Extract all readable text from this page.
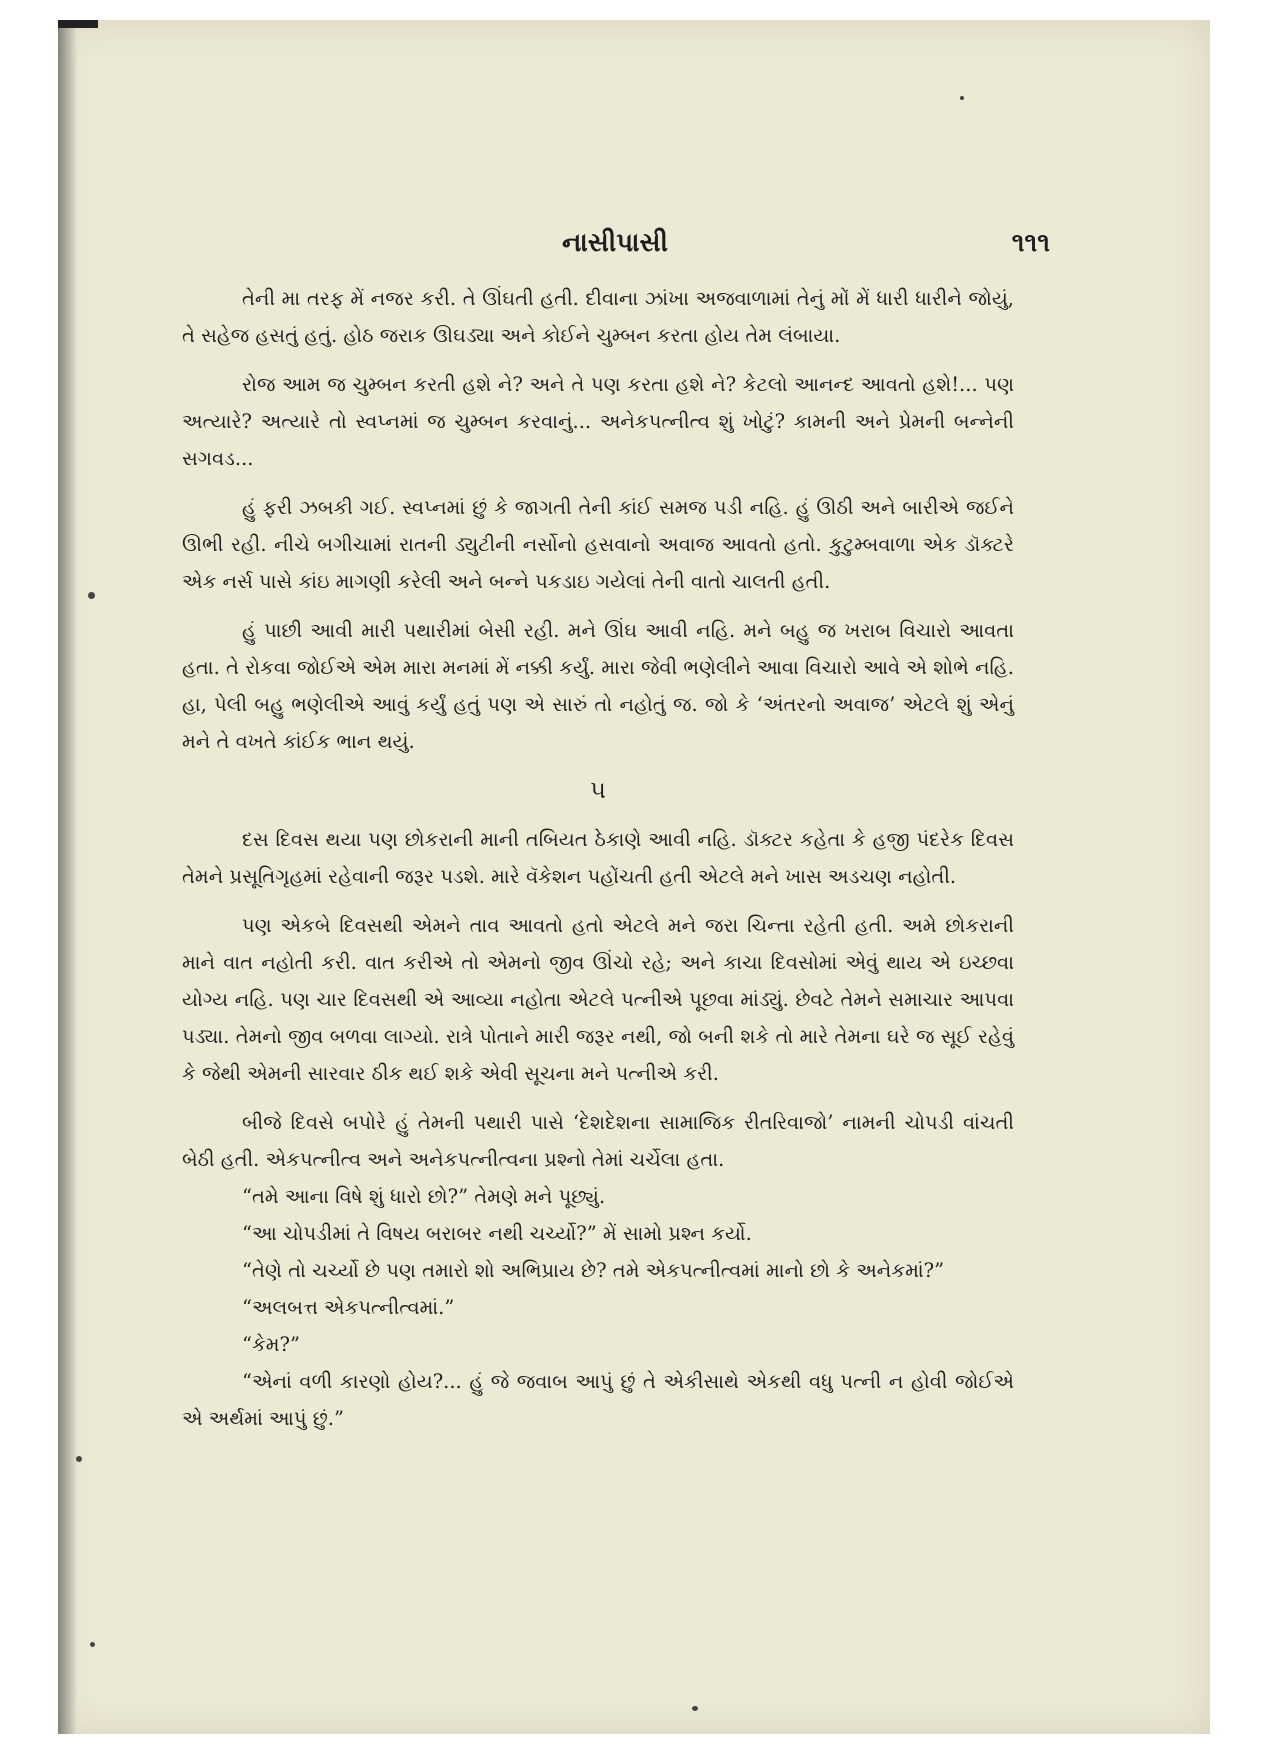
નાસીપાસી	૧૧૧

તેની મા તરફ મેં નજર કરી. તે ઊંઘતી હતી. દીવાના ઝાંખા અજવાળામાં તેનું મોં મેં ધારી ધારીને જોયું, તે સહેજ હસતું હતું. હોઠ જરાક ઊઘડ્યા અને કોઈને ચુમ્બન કરતા હોય તેમ લંબાયા.

રોજ આમ જ ચુમ્બન કરતી હશે ને? અને તે પણ કરતા હશે ને? કેટલો આનન્દ આવતો હશે!... પણ અત્યારે? અત્યારે તો સ્વપ્નમાં જ ચુમ્બન કરવાનું... અનેકપત્નીત્વ શું ખોટું? કામની અને પ્રેમની બન્નેની સગવડ...

હું ફરી ઝબકી ગઈ. સ્વપ્નમાં છું કે જાગતી તેની કાંઈ સમજ પડી નહિ. હું ઊઠી અને બારીએ જઈને ઊભી રહી. નીચે બગીચામાં રાતની ડ્યુટીની નર્સોનો હસવાનો અવાજ આવતો હતો. કુટુમ્બવાળા એક ડૉક્ટરે એક નર્સ પાસે કાંઇ માગણી કરેલી અને બન્ને પકડાઇ ગયેલાં તેની વાતો ચાલતી હતી.

હું પાછી આવી મારી પથારીમાં બેસી રહી. મને ઊંઘ આવી નહિ. મને બહુ જ ખરાબ વિચારો આવતા હતા. તે રોકવા જોઈએ એમ મારા મનમાં મેં નક્કી કર્યું. મારા જેવી ભણેલીને આવા વિચારો આવે એ શોભે નહિ. હા, પેલી બહુ ભણેલીએ આવું કર્યું હતું પણ એ સારું તો નહોતું જ. જો કે ‘અંતરનો અવાજ’ એટલે શું એનું મને તે વખતે કાંઈક ભાન થયું.

૫

દસ દિવસ થયા પણ છોકરાની માની તબિયત ઠેકાણે આવી નહિ. ડૉક્ટર કહેતા કે હજી પંદરેક દિવસ તેમને પ્રસૂતિગૃહમાં રહેવાની જરૂર પડશે. મારે વૅકેશન પહોંચતી હતી એટલે મને ખાસ અડચણ નહોતી.

પણ એકબે દિવસથી એમને તાવ આવતો હતો એટલે મને જરા ચિન્તા રહેતી હતી. અમે છોકરાની માને વાત નહોતી કરી. વાત કરીએ તો એમનો જીવ ઊંચો રહે; અને કાચા દિવસોમાં એવું થાય એ ઇચ્છવા યોગ્ય નહિ. પણ ચાર દિવસથી એ આવ્યા નહોતા એટલે પત્નીએ પૂછવા માંડ્યું. છેવટે તેમને સમાચાર આપવા પડ્યા. તેમનો જીવ બળવા લાગ્યો. રાત્રે પોતાને મારી જરૂર નથી, જો બની શકે તો મારે તેમના ઘરે જ સૂઈ રહેવું કે જેથી એમની સારવાર ઠીક થઈ શકે એવી સૂચના મને પત્નીએ કરી.

બીજે દિવસે બપોરે હું તેમની પથારી પાસે ‘દેશદેશના સામાજિક રીતરિવાજો’ નામની ચોપડી વાંચતી બેઠી હતી. એકપત્નીત્વ અને અનેકપત્નીત્વના પ્રશ્નો તેમાં ચર્ચેલા હતા.

“તમે આના વિષે શું ધારો છો?” તેમણે મને પૂછ્યું.

“આ ચોપડીમાં તે વિષય બરાબર નથી ચર્ચ્યો?” મેં સામો પ્રશ્ન કર્યો.

“તેણે તો ચર્ચ્યો છે પણ તમારો શો અભિપ્રાય છે? તમે એકપત્નીત્વમાં માનો છો કે અનેકમાં?”

“અલબત્ત એકપત્નીત્વમાં.”

“કેમ?”

“એનાં વળી કારણો હોય?... હું જે જવાબ આપું છું તે એકીસાથે એકથી વધુ પત્ની ન હોવી જોઈએ એ અર્થમાં આપું છું.”
